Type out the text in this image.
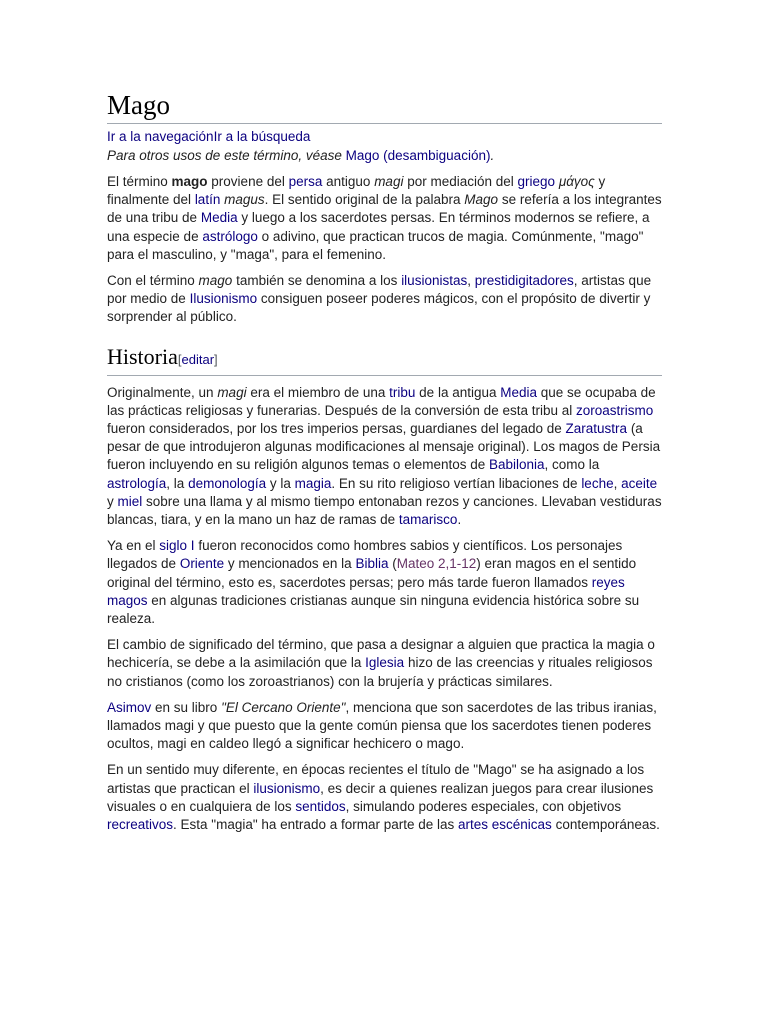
Mago
Ir a la navegaciónIr a la búsqueda
Para otros usos de este término, véase Mago (desambiguación).

El término mago proviene del persa antiguo magi por mediación del griego μάγος y finalmente del latín magus. El sentido original de la palabra Mago se refería a los integrantes de una tribu de Media y luego a los sacerdotes persas. En términos modernos se refiere, a una especie de astrólogo o adivino, que practican trucos de magia. Comúnmente, "mago" para el masculino, y "maga", para el femenino.

Con el término mago también se denomina a los ilusionistas, prestidigitadores, artistas que por medio de Ilusionismo consiguen poseer poderes mágicos, con el propósito de divertir y sorprender al público.

Historia[editar]

Originalmente, un magi era el miembro de una tribu de la antigua Media que se ocupaba de las prácticas religiosas y funerarias. Después de la conversión de esta tribu al zoroastrismo fueron considerados, por los tres imperios persas, guardianes del legado de Zaratustra (a pesar de que introdujeron algunas modificaciones al mensaje original). Los magos de Persia fueron incluyendo en su religión algunos temas o elementos de Babilonia, como la astrología, la demonología y la magia. En su rito religioso vertían libaciones de leche, aceite y miel sobre una llama y al mismo tiempo entonaban rezos y canciones. Llevaban vestiduras blancas, tiara, y en la mano un haz de ramas de tamarisco.

Ya en el siglo I fueron reconocidos como hombres sabios y científicos. Los personajes llegados de Oriente y mencionados en la Biblia (Mateo 2,1-12) eran magos en el sentido original del término, esto es, sacerdotes persas; pero más tarde fueron llamados reyes magos en algunas tradiciones cristianas aunque sin ninguna evidencia histórica sobre su realeza.

El cambio de significado del término, que pasa a designar a alguien que practica la magia o hechicería, se debe a la asimilación que la Iglesia hizo de las creencias y rituales religiosos no cristianos (como los zoroastrianos) con la brujería y prácticas similares.

Asimov en su libro "El Cercano Oriente", menciona que son sacerdotes de las tribus iranias, llamados magi y que puesto que la gente común piensa que los sacerdotes tienen poderes ocultos, magi en caldeo llegó a significar hechicero o mago.

En un sentido muy diferente, en épocas recientes el título de "Mago" se ha asignado a los artistas que practican el ilusionismo, es decir a quienes realizan juegos para crear ilusiones visuales o en cualquiera de los sentidos, simulando poderes especiales, con objetivos recreativos. Esta "magia" ha entrado a formar parte de las artes escénicas contemporáneas.
